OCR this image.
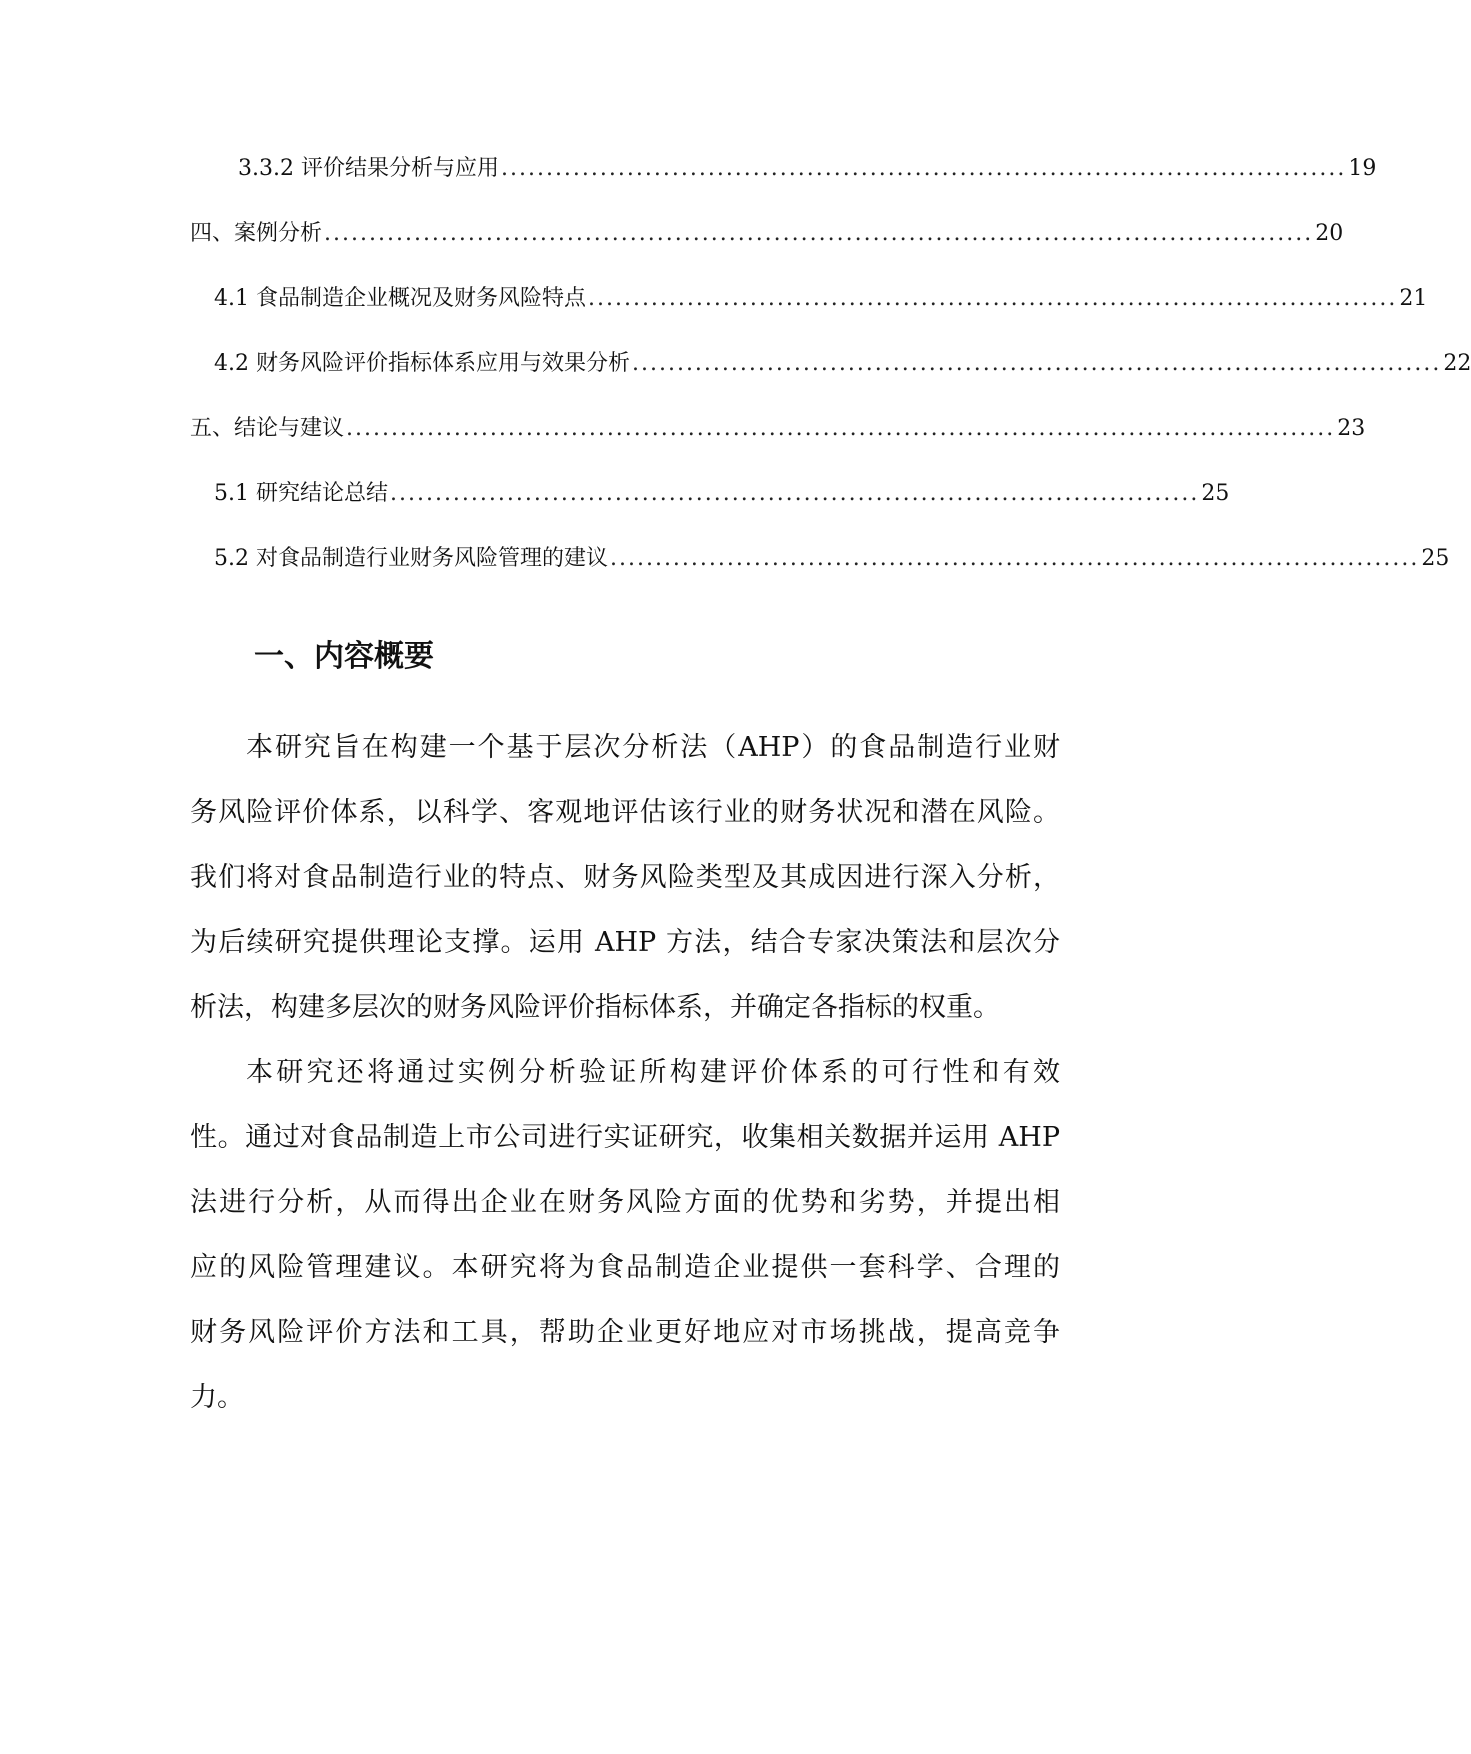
3.3.2 评价结果分析与应用 .............................................................................................. 19
四、案例分析 .............................................................................................................. 20
4.1 食品制造企业概况及财务风险特点 .......................................................................................... 21
4.2 财务风险评价指标体系应用与效果分析 .......................................................................................... 22
五、结论与建议 .............................................................................................................. 23
5.1 研究结论总结 .......................................................................................... 25
5.2 对食品制造行业财务风险管理的建议 .......................................................................................... 25
一、内容概要

本研究旨在构建一个基于层次分析法（AHP）的食品制造行业财

务风险评价体系，以科学、客观地评估该行业的财务状况和潜在风险。

我们将对食品制造行业的特点、财务风险类型及其成因进行深入分析，

为后续研究提供理论支撑。运用 AHP 方法，结合专家决策法和层次分

析法，构建多层次的财务风险评价指标体系，并确定各指标的权重。

本研究还将通过实例分析验证所构建评价体系的可行性和有效

性。通过对食品制造上市公司进行实证研究，收集相关数据并运用 AHP

法进行分析，从而得出企业在财务风险方面的优势和劣势，并提出相

应的风险管理建议。本研究将为食品制造企业提供一套科学、合理的

财务风险评价方法和工具，帮助企业更好地应对市场挑战，提高竞争

力。
